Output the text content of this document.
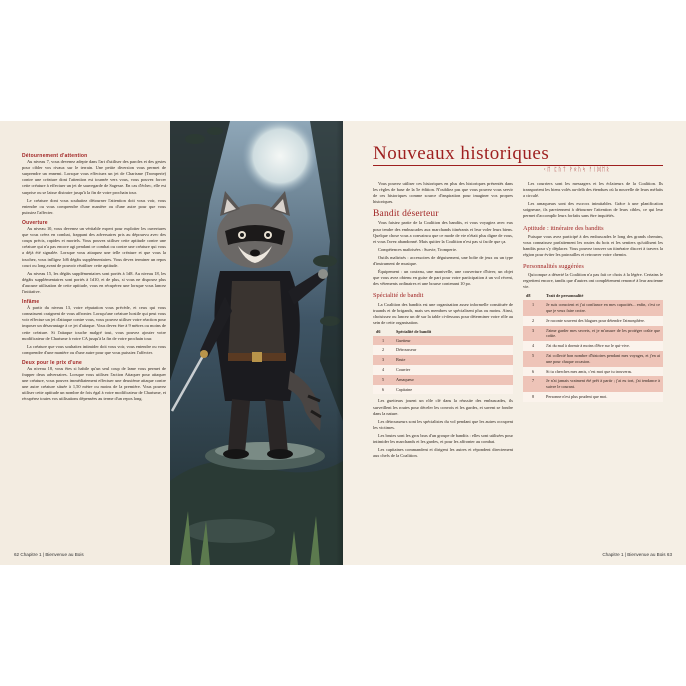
Détournement d'attention

Au niveau 7, vous devenez adepte dans l'art d'utiliser des paroles et des gestes pour cibler vos rivaux sur le terrain. Une petite diversion vous permet de surprendre un ennemi. Lorsque vous effectuez un jet de Charisme (Tromperie) contre une créature dont l'attention est tournée vers vous, vous pouvez forcer cette créature à effectuer un jet de sauvegarde de Sagesse. En cas d'échec, elle est surprise ou se laisse distraire jusqu'à la fin de votre prochain tour.

Le créature dont vous souhaitez détourner l'attention doit vous voir, vous entendre ou vous comprendre d'une manière ou d'une autre pour que vous puissiez l'affecter.

Ouverture

Au niveau 10, vous devenez un véritable expert pour exploiter les ouvertures que vous créez en combat, frappant des adversaires pris au dépourvu avec des coups précis, rapides et mortels. Vous pouvez utiliser cette aptitude contre une créature qui n'a pas encore agi pendant ce combat ou contre une créature qui vous a déjà été signalée. Lorsque vous attaquez une telle créature et que vous la touchez, vous infligez 1d6 dégâts supplémentaires. Vous devez terminer un repos court ou long avant de pouvoir réutiliser cette aptitude.

Au niveau 15, les dégâts supplémentaires sont portés à 1d8. Au niveau 18, les dégâts supplémentaires sont portés à 1d10, et de plus, si vous ne disposez plus d'aucune utilisation de cette aptitude, vous en récupérez une lorsque vous lancez l'initiative.

Infâme

À partir du niveau 13, votre réputation vous précède, et ceux qui vous connaissent craignent de vous affronter. Lorsqu'une créature hostile qui peut vous voir effectue un jet d'attaque contre vous, vous pouvez utiliser votre réaction pour imposer un désavantage à ce jet d'attaque. Vous devez être à 9 mètres ou moins de cette créature. Si l'attaque touche malgré tout, vous pouvez ajouter votre modificateur de Charisme à votre CA jusqu'à la fin de votre prochain tour.

La créature que vous souhaitez intimider doit vous voir, vous entendre ou vous comprendre d'une manière ou d'une autre pour que vous puissiez l'affecter.

Deux pour le prix d'une

Au niveau 18, vous êtes si habile qu'un seul coup de lame vous permet de frapper deux adversaires. Lorsque vous utilisez l'action Attaquer pour attaquer une créature, vous pouvez immédiatement effectuer une deuxième attaque contre une autre créature située à 1,50 mètre ou moins de la première. Vous pouvez utiliser cette aptitude un nombre de fois égal à votre modificateur de Charisme, et récupérez toutes vos utilisations dépensées au terme d'un repos long.

62 Chapitre 1 | Bienvenue au Bois
Nouveaux historiques
ᚲᛖ ᛈᚢᛏ ᚹᛟᚢᛋ ᚨᛁᛞᛖᚱ

Vous pouvez utiliser ces historiques en plus des historiques présentés dans les règles de base de la 5e édition. N'oubliez pas que vous pouvez vous servir de ces historiques comme source d'inspiration pour imaginer vos propres historiques.

Bandit déserteur

Vous faisiez partie de la Coalition des bandits, et vous voyagiez avec eux pour tendre des embuscades aux marchands itinérants et leur voler leurs biens. Quelque chose vous a convaincu que ce mode de vie n'était plus digne de vous, et vous l'avez abandonné. Mais quitter la Coalition n'est pas si facile que ça.

Compétences maîtrisées : Survie, Tromperie.

Outils maîtrisés : accessoires de déguisement, une boîte de jeux ou un type d'instrument de musique.

Équipement : un couteau, une manivelle, une couverture d'hiver, un objet que vous avez obtenu en guise de part pour votre participation à un vol récent, des vêtements ordinaires et une bourse contenant 10 po.

Spécialité de bandit

La Coalition des bandits est une organisation assez informelle constituée de truands et de brigands, mais ses membres se spécialisent plus ou moins. Ainsi, choisissez ou lancez un dé sur la table ci-dessous pour déterminer votre rôle au sein de cette organisation.

d6	Spécialité de bandit
1	Guetteur
2	Détrousseur
3	Brute
4	Courrier
5	Arnaqueur
6	Capitaine

Les guetteurs jouent un rôle clé dans la réussite des embuscades, ils surveillent les routes pour déceler les convois et les gardes, et savent se fondre dans la nature.

Les détrousseurs sont les spécialistes du vol pendant que les autres occupent les victimes.

Les brutes sont les gros bras d'un groupe de bandits : elles sont utilisées pour intimider les marchands et les gardes, et pour les affronter au combat.

Les capitaines commandent et dirigent les autres et répondent directement aux chefs de la Coalition.

Les courriers sont les messagers et les éclaireurs de la Coalition. Ils transportent les biens volés au-delà des étendues où la nouvelle de leurs méfaits a circulé.

Les arnaqueurs sont des escrocs inimitables. Grâce à une planification soigneuse, ils parviennent à détourner l'attention de leurs cibles, ce qui leur permet d'accomplir leurs forfaits sans être inquiétés.

Aptitude : itinéraire des bandits

Puisque vous avez participé à des embuscades le long des grands chemins, vous connaissez parfaitement les routes du bois et les sentiers qu'utilisent les bandits pour s'y déplacer. Vous pouvez trouver un itinéraire discret à travers la région pour éviter les patrouilles et retrouver votre chemin.

Personnalités suggérées

Quiconque a déserté la Coalition n'a pas fait ce choix à la légère. Certains le regrettent encore, tandis que d'autres ont complètement renoncé à leur ancienne vie.

d8	Trait de personnalité
1	Je suis conscient et j'ai confiance en mes capacités... enfin, c'est ce que je veux faire croire.
2	Je raconte souvent des blagues pour détendre l'atmosphère.
3	J'aime garder mes secrets, et je m'assure de les protéger coûte que coûte.
4	J'ai du mal à dormir à moins d'être sur le qui-vive.
5	J'ai collecté bon nombre d'histoires pendant mes voyages, et j'en ai une pour chaque occasion.
6	Si tu cherches mes amis, c'est moi que tu trouveras.
7	Je n'ai jamais vraiment été prêt à partir ; j'ai eu tort, j'ai tendance à suivre le courant.
8	Personne n'est plus prudent que moi.
Chapitre 1 | Bienvenue au Bois 63
